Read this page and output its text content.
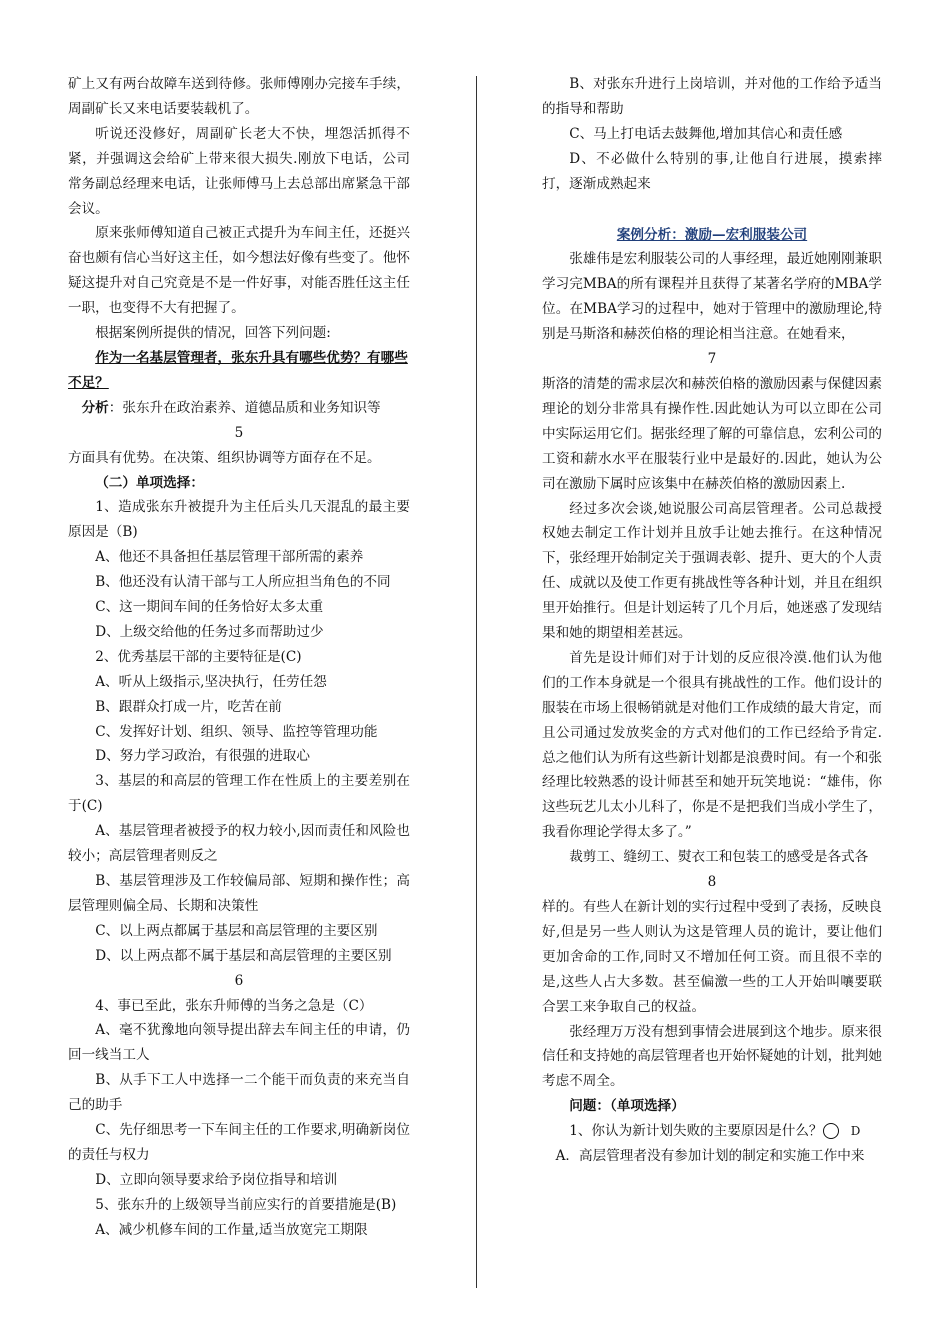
矿上又有两台故障车送到待修。张师傅刚办完接车手续，周副矿长又来电话要装载机了。

听说还没修好，周副矿长老大不快，埋怨活抓得不紧，并强调这会给矿上带来很大损失.刚放下电话，公司常务副总经理来电话，让张师傅马上去总部出席紧急干部会议。

原来张师傅知道自己被正式提升为车间主任，还挺兴奋也颇有信心当好这主任，如今想法好像有些变了。他怀疑这提升对自己究竟是不是一件好事，对能否胜任这主任一职，也变得不大有把握了。

根据案例所提供的情况，回答下列问题:

作为一名基层管理者，张东升具有哪些优势？有哪些不足？

分析：张东升在政治素养、道德品质和业务知识等

5

方面具有优势。在决策、组织协调等方面存在不足。

（二）单项选择：

1、造成张东升被提升为主任后头几天混乱的最主要原因是（B)

A、他还不具备担任基层管理干部所需的素养

B、他还没有认清干部与工人所应担当角色的不同

C、这一期间车间的任务恰好太多太重

D、上级交给他的任务过多而帮助过少

2、优秀基层干部的主要特征是(C)

A、听从上级指示,坚决执行，任劳任怨

B、跟群众打成一片，吃苦在前

C、发挥好计划、组织、领导、监控等管理功能

D、努力学习政治，有很强的进取心

3、基层的和高层的管理工作在性质上的主要差别在于(C)

A、基层管理者被授予的权力较小,因而责任和风险也较小；高层管理者则反之

B、基层管理涉及工作较偏局部、短期和操作性；高层管理则偏全局、长期和决策性

C、以上两点都属于基层和高层管理的主要区别

D、以上两点都不属于基层和高层管理的主要区别

6

4、事已至此，张东升师傅的当务之急是（C）

A、毫不犹豫地向领导提出辞去车间主任的申请，仍回一线当工人

B、从手下工人中选择一二个能干而负责的来充当自己的助手

C、先仔细思考一下车间主任的工作要求,明确新岗位的责任与权力

D、立即向领导要求给予岗位指导和培训

5、张东升的上级领导当前应实行的首要措施是(B)

A、减少机修车间的工作量,适当放宽完工期限

B、对张东升进行上岗培训，并对他的工作给予适当的指导和帮助

C、马上打电话去鼓舞他,增加其信心和责任感

D、不必做什么特别的事,让他自行进展，摸索摔打，逐渐成熟起来

案例分析：激励—宏利服装公司

张雄伟是宏利服装公司的人事经理，最近她刚刚兼职学习完MBA的所有课程并且获得了某著名学府的MBA学位。在MBA学习的过程中，她对于管理中的激励理论,特别是马斯洛和赫茨伯格的理论相当注意。在她看来，

7

斯洛的清楚的需求层次和赫茨伯格的激励因素与保健因素理论的划分非常具有操作性.因此她认为可以立即在公司中实际运用它们。据张经理了解的可靠信息，宏利公司的工资和薪水水平在服装行业中是最好的.因此，她认为公司在激励下属时应该集中在赫茨伯格的激励因素上.

经过多次会谈,她说服公司高层管理者。公司总裁授权她去制定工作计划并且放手让她去推行。在这种情况下，张经理开始制定关于强调表彰、提升、更大的个人责任、成就以及使工作更有挑战性等各种计划，并且在组织里开始推行。但是计划运转了几个月后，她迷惑了发现结果和她的期望相差甚远。

首先是设计师们对于计划的反应很冷漠.他们认为他们的工作本身就是一个很具有挑战性的工作。他们设计的服装在市场上很畅销就是对他们工作成绩的最大肯定，而且公司通过发放奖金的方式对他们的工作已经给予肯定.总之他们认为所有这些新计划都是浪费时间。有一个和张经理比较熟悉的设计师甚至和她开玩笑地说：“雄伟，你这些玩艺儿太小儿科了，你是不是把我们当成小学生了，我看你理论学得太多了。”

裁剪工、缝纫工、熨衣工和包装工的感受是各式各

8

样的。有些人在新计划的实行过程中受到了表扬，反映良好,但是另一些人则认为这是管理人员的诡计，要让他们更加舍命的工作,同时又不增加任何工资。而且很不幸的是,这些人占大多数。甚至偏激一些的工人开始叫嚷要联合罢工来争取自己的权益。

张经理万万没有想到事情会进展到这个地步。原来很信任和支持她的高层管理者也开始怀疑她的计划，批判她考虑不周全。

问题：（单项选择）

1、你认为新计划失败的主要原因是什么？ D

A．高层管理者没有参加计划的制定和实施工作中来
